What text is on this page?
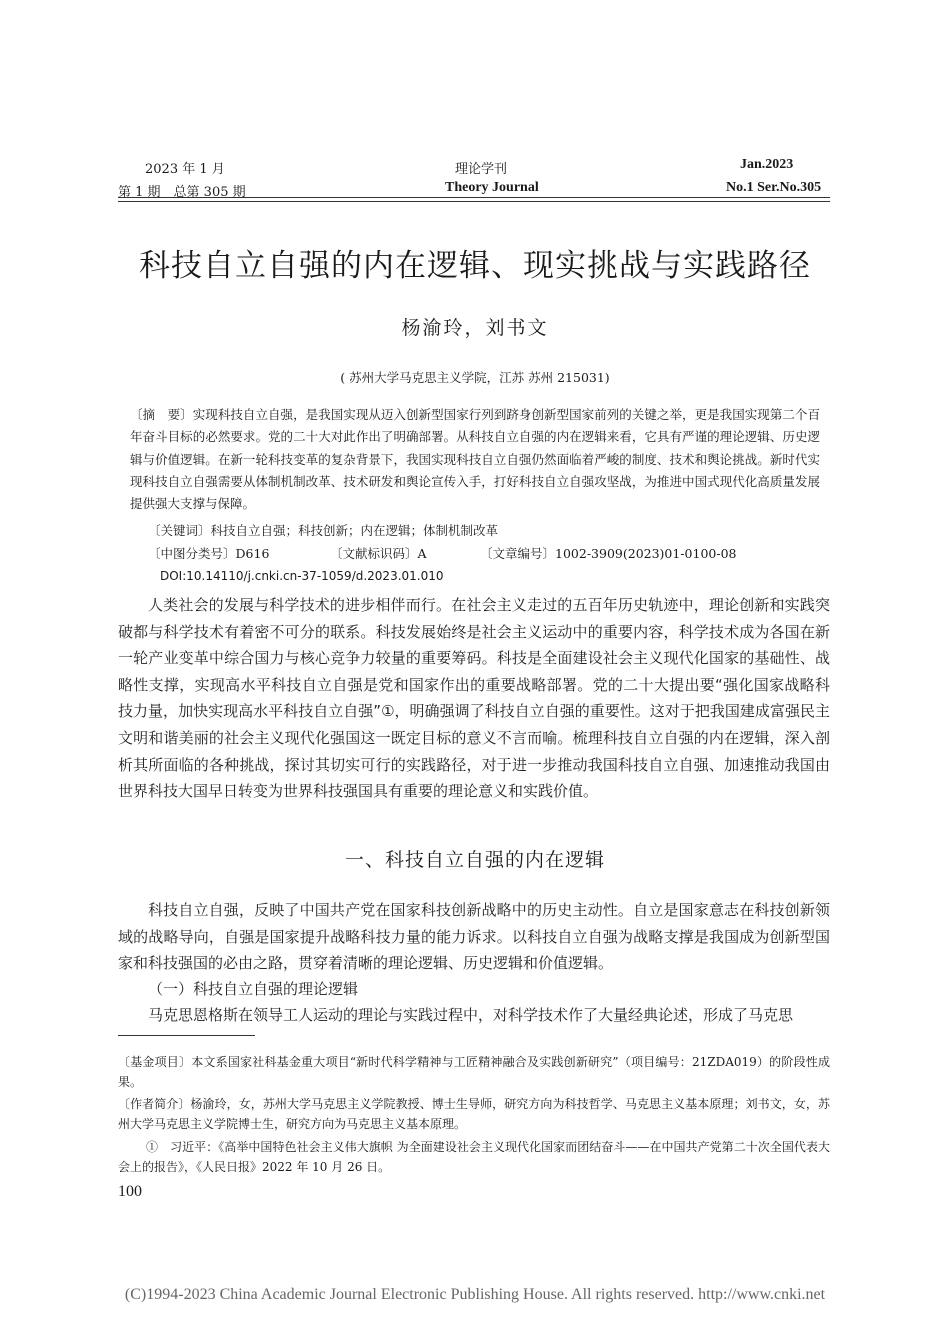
2023 年 1 月
第 1 期　总第 305 期
理论学刊
Theory Journal
Jan.2023
No.1 Ser.No.305
科技自立自强的内在逻辑、现实挑战与实践路径
杨渝玲，刘书文
( 苏州大学马克思主义学院，江苏 苏州 215031)
〔摘　要〕实现科技自立自强，是我国实现从迈入创新型国家行列到跻身创新型国家前列的关键之举，更是我国实现第二个百年奋斗目标的必然要求。党的二十大对此作出了明确部署。从科技自立自强的内在逻辑来看，它具有严谨的理论逻辑、历史逻辑与价值逻辑。在新一轮科技变革的复杂背景下，我国实现科技自立自强仍然面临着严峻的制度、技术和舆论挑战。新时代实现科技自立自强需要从体制机制改革、技术研发和舆论宣传入手，打好科技自立自强攻坚战，为推进中国式现代化高质量发展提供强大支撑与保障。
〔关键词〕科技自立自强；科技创新；内在逻辑；体制机制改革
〔中图分类号〕D616	〔文献标识码〕A	〔文章编号〕1002-3909(2023)01-0100-08
DOI:10.14110/j.cnki.cn-37-1059/d.2023.01.010
人类社会的发展与科学技术的进步相伴而行。在社会主义走过的五百年历史轨迹中，理论创新和实践突破都与科学技术有着密不可分的联系。科技发展始终是社会主义运动中的重要内容，科学技术成为各国在新一轮产业变革中综合国力与核心竞争力较量的重要筹码。科技是全面建设社会主义现代化国家的基础性、战略性支撑，实现高水平科技自立自强是党和国家作出的重要战略部署。党的二十大提出要“强化国家战略科技力量，加快实现高水平科技自立自强”①，明确强调了科技自立自强的重要性。这对于把我国建成富强民主文明和谐美丽的社会主义现代化强国这一既定目标的意义不言而喻。梳理科技自立自强的内在逻辑，深入剖析其所面临的各种挑战，探讨其切实可行的实践路径，对于进一步推动我国科技自立自强、加速推动我国由世界科技大国早日转变为世界科技强国具有重要的理论意义和实践价值。
一、科技自立自强的内在逻辑
科技自立自强，反映了中国共产党在国家科技创新战略中的历史主动性。自立是国家意志在科技创新领域的战略导向，自强是国家提升战略科技力量的能力诉求。以科技自立自强为战略支撑是我国成为创新型国家和科技强国的必由之路，贯穿着清晰的理论逻辑、历史逻辑和价值逻辑。
（一）科技自立自强的理论逻辑
马克思恩格斯在领导工人运动的理论与实践过程中，对科学技术作了大量经典论述，形成了马克思
〔基金项目〕本文系国家社科基金重大项目“新时代科学精神与工匠精神融合及实践创新研究”（项目编号：21ZDA019）的阶段性成果。
〔作者简介〕杨渝玲，女，苏州大学马克思主义学院教授、博士生导师，研究方向为科技哲学、马克思主义基本原理；刘书文，女，苏州大学马克思主义学院博士生，研究方向为马克思主义基本原理。
①  习近平：《高举中国特色社会主义伟大旗帜 为全面建设社会主义现代化国家而团结奋斗——在中国共产党第二十次全国代表大会上的报告》，《人民日报》2022 年 10 月 26 日。
100
(C)1994-2023 China Academic Journal Electronic Publishing House. All rights reserved. http://www.cnki.net
